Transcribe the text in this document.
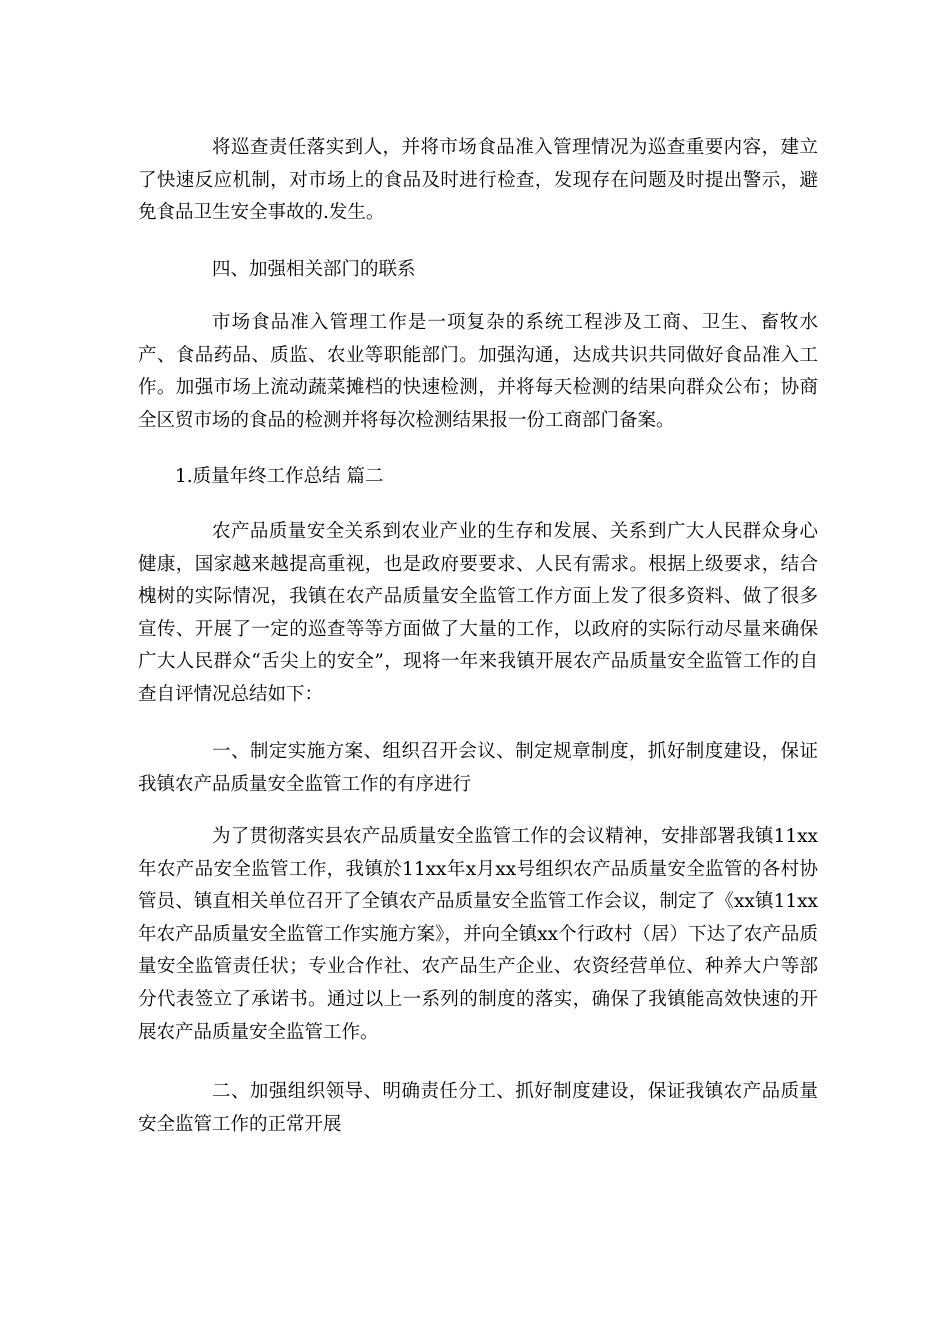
将巡查责任落实到人，并将市场食品准入管理情况为巡查重要内容，建立了快速反应机制，对市场上的食品及时进行检查，发现存在问题及时提出警示，避免食品卫生安全事故的.发生。

四、加强相关部门的联系

市场食品准入管理工作是一项复杂的系统工程涉及工商、卫生、畜牧水产、食品药品、质监、农业等职能部门。加强沟通，达成共识共同做好食品准入工作。加强市场上流动蔬菜摊档的快速检测，并将每天检测的结果向群众公布；协商全区贸市场的食品的检测并将每次检测结果报一份工商部门备案。

1.质量年终工作总结 篇二

农产品质量安全关系到农业产业的生存和发展、关系到广大人民群众身心健康，国家越来越提高重视，也是政府要要求、人民有需求。根据上级要求，结合槐树的实际情况，我镇在农产品质量安全监管工作方面上发了很多资料、做了很多宣传、开展了一定的巡查等等方面做了大量的工作，以政府的实际行动尽量来确保广大人民群众“舌尖上的安全”，现将一年来我镇开展农产品质量安全监管工作的自查自评情况总结如下：

一、制定实施方案、组织召开会议、制定规章制度，抓好制度建设，保证我镇农产品质量安全监管工作的有序进行

为了贯彻落实县农产品质量安全监管工作的会议精神，安排部署我镇11xx年农产品安全监管工作，我镇於11xx年x月xx号组织农产品质量安全监管的各村协管员、镇直相关单位召开了全镇农产品质量安全监管工作会议，制定了《xx镇11xx年农产品质量安全监管工作实施方案》，并向全镇xx个行政村（居）下达了农产品质量安全监管责任状；专业合作社、农产品生产企业、农资经营单位、种养大户等部分代表签立了承诺书。通过以上一系列的制度的落实，确保了我镇能高效快速的开展农产品质量安全监管工作。

二、加强组织领导、明确责任分工、抓好制度建设，保证我镇农产品质量安全监管工作的正常开展
